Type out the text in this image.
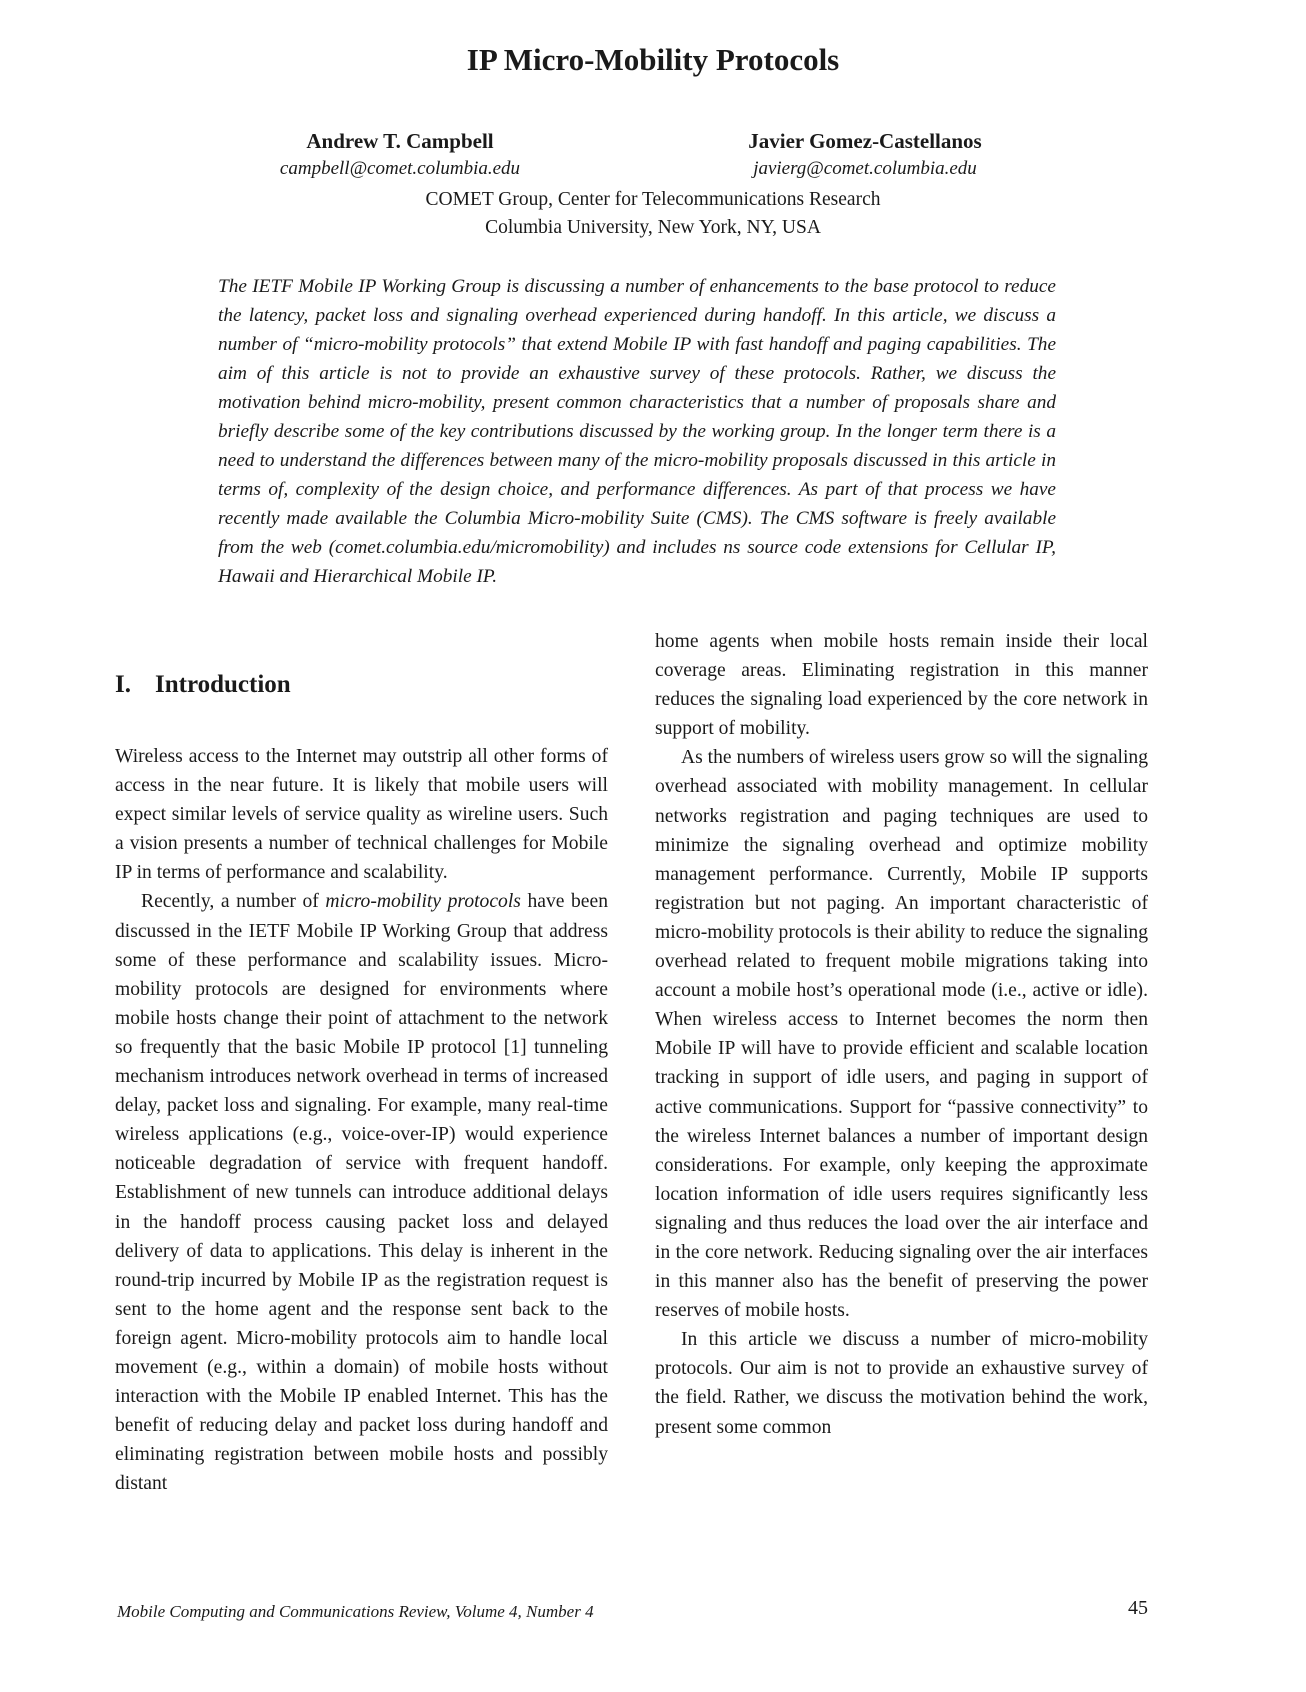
IP Micro-Mobility Protocols
Andrew T. Campbell
campbell@comet.columbia.edu
Javier Gomez-Castellanos
javierg@comet.columbia.edu
COMET Group, Center for Telecommunications Research
Columbia University, New York, NY, USA

The IETF Mobile IP Working Group is discussing a number of enhancements to the base protocol to reduce the latency, packet loss and signaling overhead experienced during handoff. In this article, we discuss a number of “micro-mobility protocols” that extend Mobile IP with fast handoff and paging capabilities. The aim of this article is not to provide an exhaustive survey of these protocols. Rather, we discuss the motivation behind micro-mobility, present common characteristics that a number of proposals share and briefly describe some of the key contributions discussed by the working group. In the longer term there is a need to understand the differences between many of the micro-mobility proposals discussed in this article in terms of, complexity of the design choice, and performance differences. As part of that process we have recently made available the Columbia Micro-mobility Suite (CMS). The CMS software is freely available from the web (comet.columbia.edu/micromobility) and includes ns source code extensions for Cellular IP, Hawaii and Hierarchical Mobile IP.

I. Introduction

Wireless access to the Internet may outstrip all other forms of access in the near future. It is likely that mobile users will expect similar levels of service quality as wireline users. Such a vision presents a number of technical challenges for Mobile IP in terms of performance and scalability.

Recently, a number of micro-mobility protocols have been discussed in the IETF Mobile IP Working Group that address some of these performance and scalability issues. Micro-mobility protocols are designed for environments where mobile hosts change their point of attachment to the network so frequently that the basic Mobile IP protocol [1] tunneling mechanism introduces network overhead in terms of increased delay, packet loss and signaling. For example, many real-time wireless applications (e.g., voice-over-IP) would experience noticeable degradation of service with frequent handoff. Establishment of new tunnels can introduce additional delays in the handoff process causing packet loss and delayed delivery of data to applications. This delay is inherent in the round-trip incurred by Mobile IP as the registration request is sent to the home agent and the response sent back to the foreign agent. Micro-mobility protocols aim to handle local movement (e.g., within a domain) of mobile hosts without interaction with the Mobile IP enabled Internet. This has the benefit of reducing delay and packet loss during handoff and eliminating registration between mobile hosts and possibly distant

home agents when mobile hosts remain inside their local coverage areas. Eliminating registration in this manner reduces the signaling load experienced by the core network in support of mobility.

As the numbers of wireless users grow so will the signaling overhead associated with mobility management. In cellular networks registration and paging techniques are used to minimize the signaling overhead and optimize mobility management performance. Currently, Mobile IP supports registration but not paging. An important characteristic of micro-mobility protocols is their ability to reduce the signaling overhead related to frequent mobile migrations taking into account a mobile host’s operational mode (i.e., active or idle). When wireless access to Internet becomes the norm then Mobile IP will have to provide efficient and scalable location tracking in support of idle users, and paging in support of active communications. Support for “passive connectivity” to the wireless Internet balances a number of important design considerations. For example, only keeping the approximate location information of idle users requires significantly less signaling and thus reduces the load over the air interface and in the core network. Reducing signaling over the air interfaces in this manner also has the benefit of preserving the power reserves of mobile hosts.

In this article we discuss a number of micro-mobility protocols. Our aim is not to provide an exhaustive survey of the field. Rather, we discuss the motivation behind the work, present some common

Mobile Computing and Communications Review, Volume 4, Number 4	45
